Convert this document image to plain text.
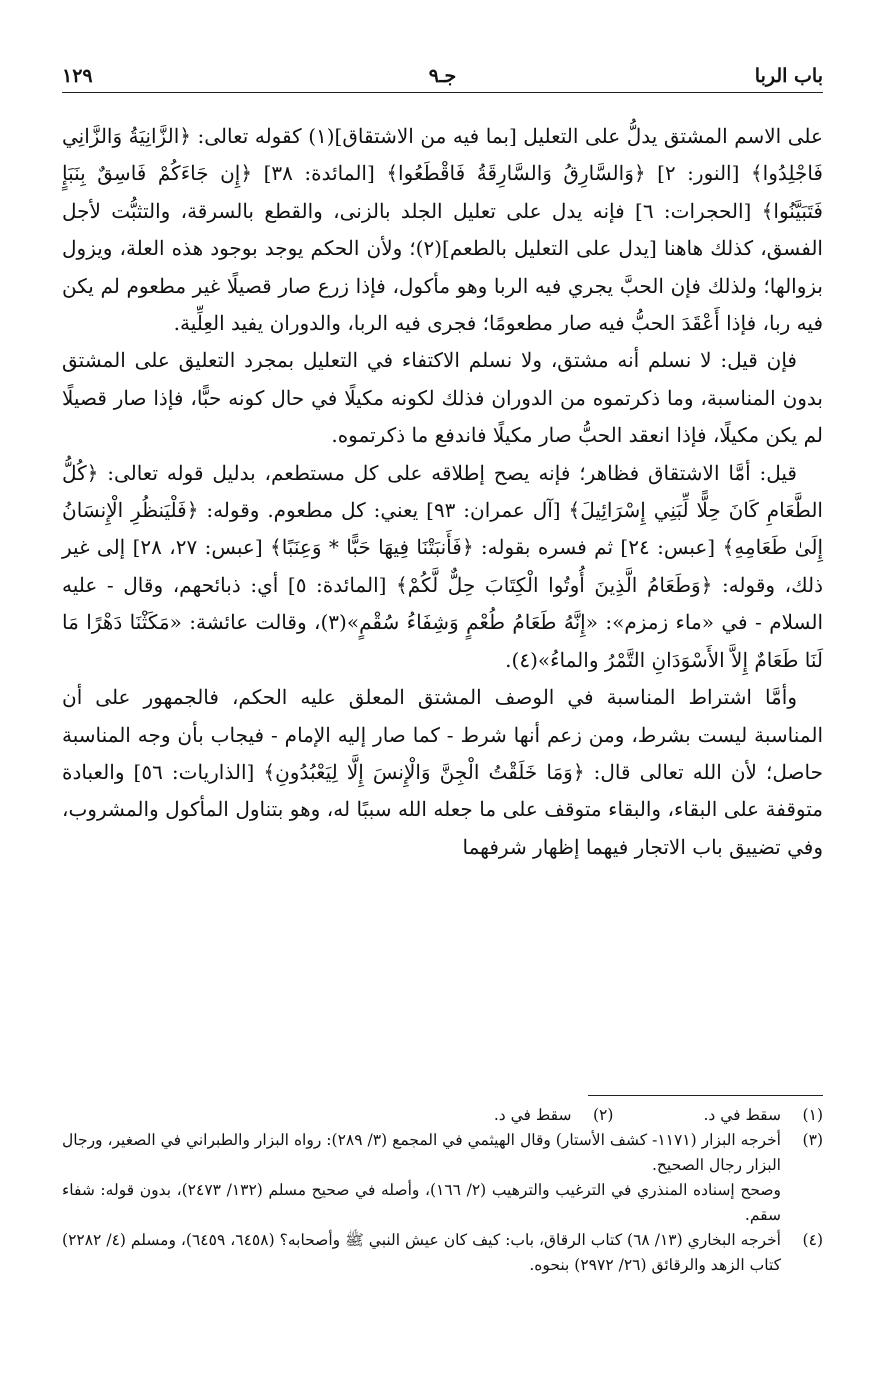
باب الربا
جـ٩
١٢٩

على الاسم المشتق يدلُّ على التعليل [بما فيه من الاشتقاق](١) كقوله تعالى: ﴿الزَّانِيَةُ وَالزَّانِي فَاجْلِدُوا﴾ [النور: ٢] ﴿وَالسَّارِقُ وَالسَّارِقَةُ فَاقْطَعُوا﴾ [المائدة: ٣٨] ﴿إِن جَاءَكُمْ فَاسِقٌ بِنَبَإٍ فَتَبَيَّنُوا﴾ [الحجرات: ٦] فإنه يدل على تعليل الجلد بالزنى، والقطع بالسرقة، والتثبُّت لأجل الفسق، كذلك هاهنا [يدل على التعليل بالطعم](٢)؛ ولأن الحكم يوجد بوجود هذه العلة، ويزول بزوالها؛ ولذلك فإن الحبَّ يجري فيه الربا وهو مأكول، فإذا زرع صار قصيلًا غير مطعوم لم يكن فيه ربا، فإذا أَعْقَدَ الحبُّ فيه صار مطعومًا؛ فجرى فيه الربا، والدوران يفيد العِلِّية.

فإن قيل: لا نسلم أنه مشتق، ولا نسلم الاكتفاء في التعليل بمجرد التعليق على المشتق بدون المناسبة، وما ذكرتموه من الدوران فذلك لكونه مكيلًا في حال كونه حبًّا، فإذا صار قصيلًا لم يكن مكيلًا، فإذا انعقد الحبُّ صار مكيلًا فاندفع ما ذكرتموه.

قيل: أمَّا الاشتقاق فظاهر؛ فإنه يصح إطلاقه على كل مستطعم، بدليل قوله تعالى: ﴿كُلُّ الطَّعَامِ كَانَ حِلًّا لِّبَنِي إِسْرَائِيلَ﴾ [آل عمران: ٩٣] يعني: كل مطعوم. وقوله: ﴿فَلْيَنظُرِ الْإِنسَانُ إِلَىٰ طَعَامِهِ﴾ [عبس: ٢٤] ثم فسره بقوله: ﴿فَأَنبَتْنَا فِيهَا حَبًّا * وَعِنَبًا﴾ [عبس: ٢٧، ٢٨] إلى غير ذلك، وقوله: ﴿وَطَعَامُ الَّذِينَ أُوتُوا الْكِتَابَ حِلٌّ لَّكُمْ﴾ [المائدة: ٥] أي: ذبائحهم، وقال - عليه السلام - في «ماء زمزم»: «إِنَّهُ طَعَامُ طُعْمٍ وَشِفَاءُ سُقْمٍ»(٣)، وقالت عائشة: «مَكَثْنَا دَهْرًا مَا لَنَا طَعَامٌ إِلاَّ الأَسْوَدَانِ التَّمْرُ والماءُ»(٤).

وأمَّا اشتراط المناسبة في الوصف المشتق المعلق عليه الحكم، فالجمهور على أن المناسبة ليست بشرط، ومن زعم أنها شرط - كما صار إليه الإمام - فيجاب بأن وجه المناسبة حاصل؛ لأن الله تعالى قال: ﴿وَمَا خَلَقْتُ الْجِنَّ وَالْإِنسَ إِلَّا لِيَعْبُدُونِ﴾ [الذاريات: ٥٦] والعبادة متوقفة على البقاء، والبقاء متوقف على ما جعله الله سببًا له، وهو بتناول المأكول والمشروب، وفي تضييق باب الاتجار فيهما إظهار شرفهما

(١)
سقط في د.
(٢)
سقط في د.
(٣)
أخرجه البزار (١١٧١- كشف الأستار) وقال الهيثمي في المجمع (٣/ ٢٨٩): رواه البزار والطبراني في الصغير، ورجال البزار رجال الصحيح.
وصحح إسناده المنذري في الترغيب والترهيب (٢/ ١٦٦)، وأصله في صحيح مسلم (١٣٢/ ٢٤٧٣)، بدون قوله: شفاء سقم.
(٤)
أخرجه البخاري (١٣/ ٦٨) كتاب الرقاق، باب: كيف كان عيش النبي ﷺ وأصحابه؟ (٦٤٥٨، ٦٤٥٩)، ومسلم (٤/ ٢٢٨٢) كتاب الزهد والرقائق (٢٦/ ٢٩٧٢) بنحوه.
